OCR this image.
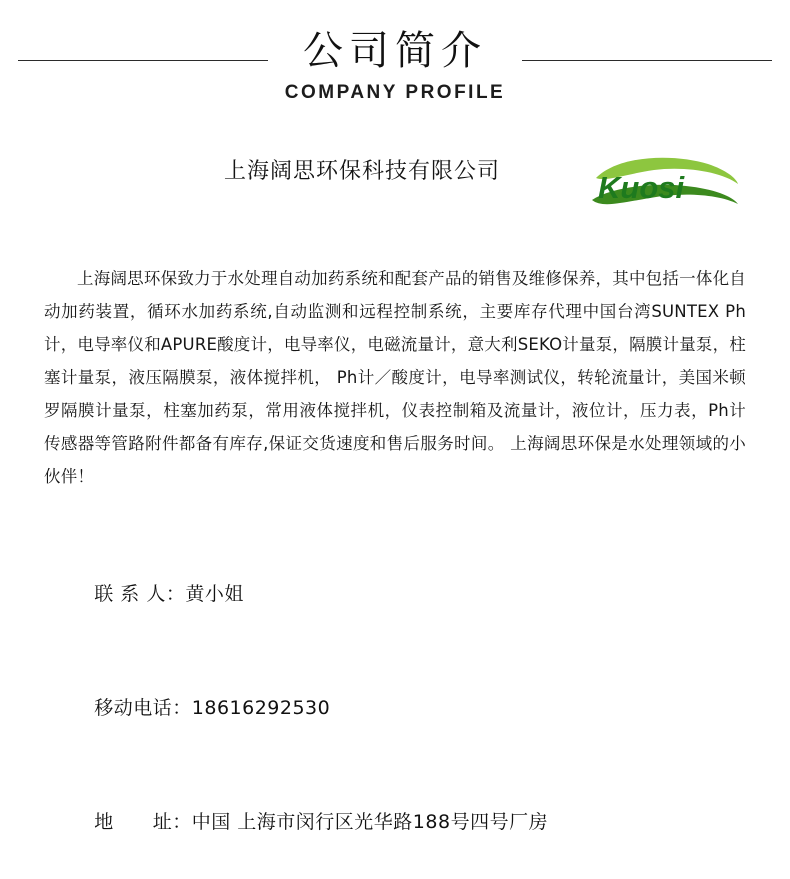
公司简介
COMPANY PROFILE
上海阔思环保科技有限公司	Kuosi
上海阔思环保致力于水处理自动加药系统和配套产品的销售及维修保养，其中包括一体化自动加药装置，循环水加药系统,自动监测和远程控制系统，主要库存代理中国台湾SUNTEX Ph计，电导率仪和APURE酸度计，电导率仪，电磁流量计，意大利SEKO计量泵，隔膜计量泵，柱塞计量泵，液压隔膜泵，液体搅拌机， Ph计／酸度计，电导率测试仪，转轮流量计，美国米顿罗隔膜计量泵，柱塞加药泵，常用液体搅拌机，仪表控制箱及流量计，液位计，压力表，Ph计传感器等管路附件都备有库存,保证交货速度和售后服务时间。 上海阔思环保是水处理领域的小伙伴！

联 系 人：黄小姐

移动电话：18616292530

地　　址：中国 上海市闵行区光华路188号四号厂房
